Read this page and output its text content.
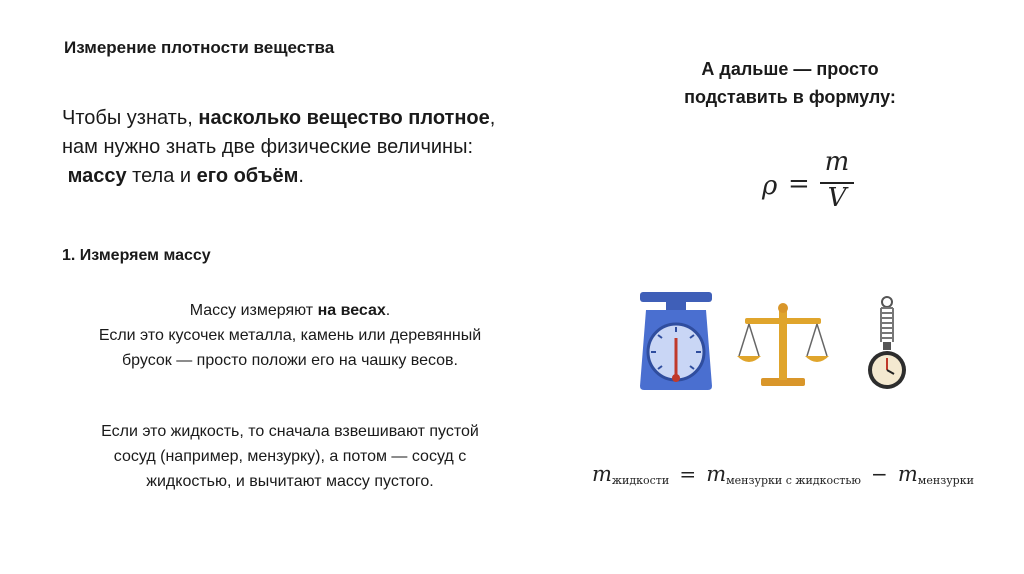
Измерение плотности вещества
Чтобы узнать, насколько вещество плотное,
нам нужно знать две физические величины:
массу тела и его объём.
1. Измеряем массу
Массу измеряют на весах.
Если это кусочек металла, камень или деревянный
брусок — просто положи его на чашку весов.
Если это жидкость, то сначала взвешивают пустой
сосуд (например, мензурку), а потом — сосуд с
жидкостью, и вычитают массу пустого.
А дальше — просто
подставить в формулу:
ρ =
m
V
mжидкости = mмензурки с жидкостью − mмензурки
